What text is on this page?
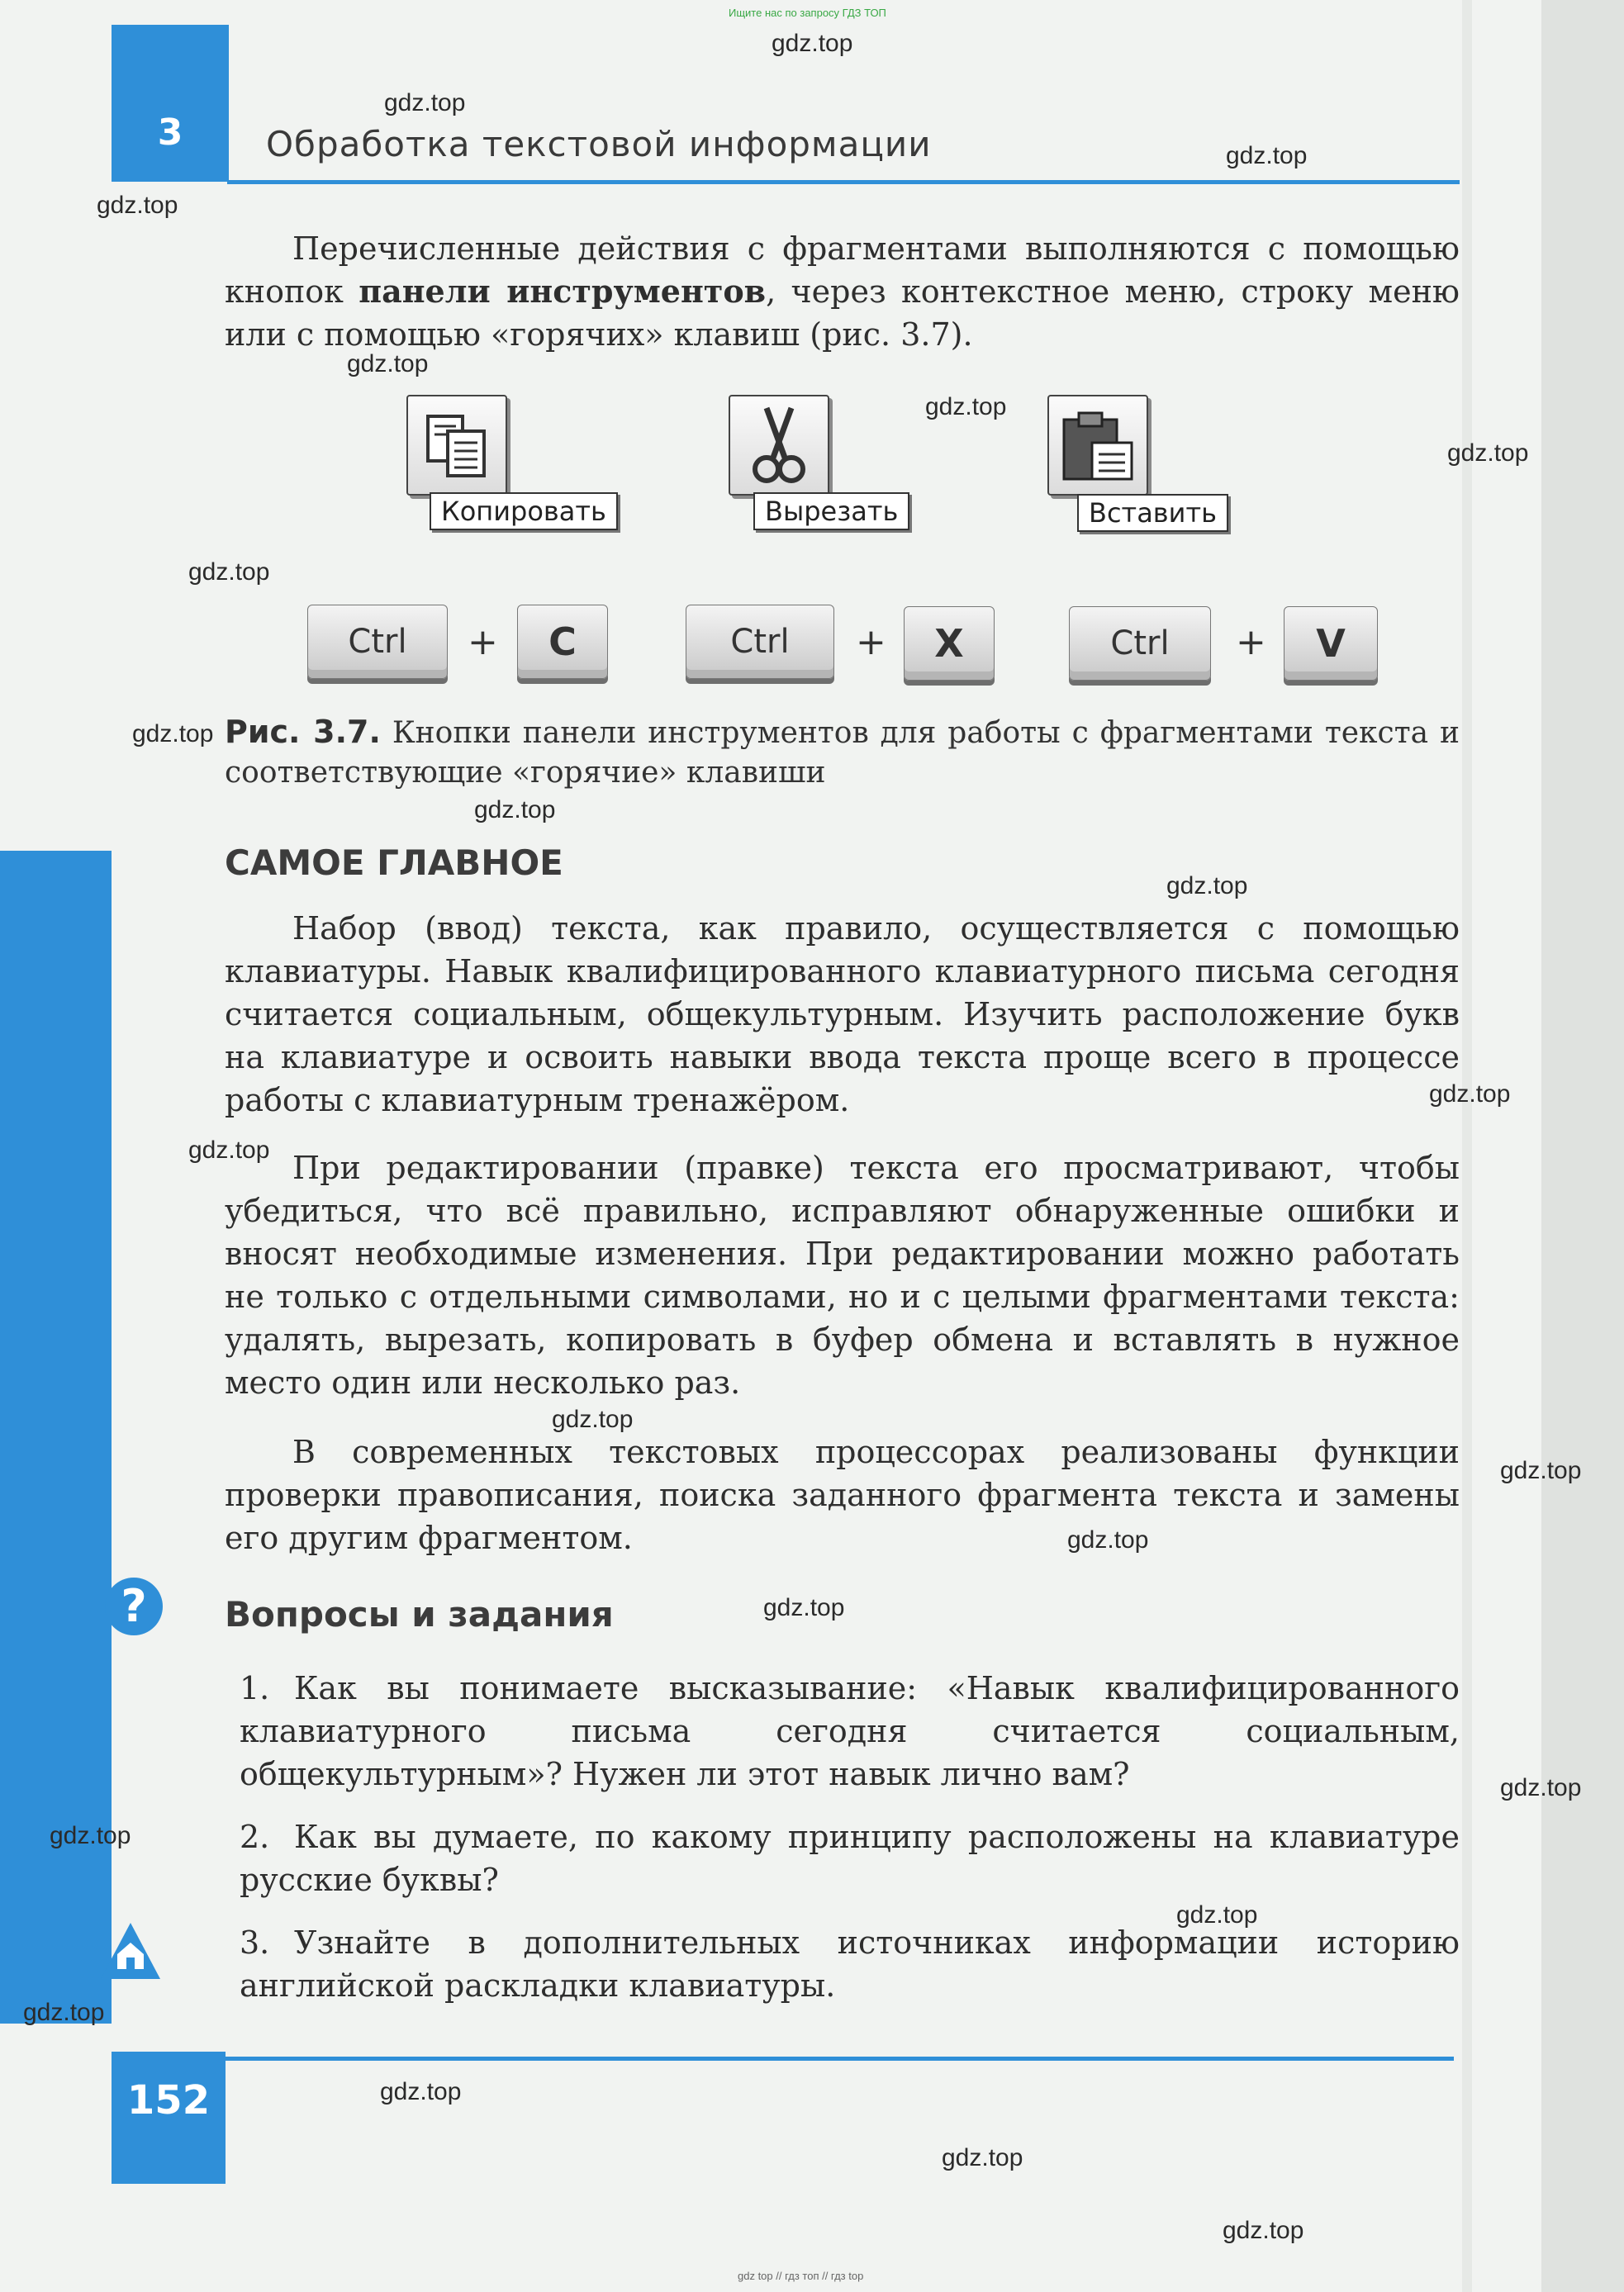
Ищите нас по запросу ГДЗ ТОП
gdz top // гдз топ // гдз top
3	Обработка текстовой информации
Перечисленные действия с фрагментами выполняются с помощью кнопок панели инструментов, через контекстное меню, строку меню или с помощью «горячих» клавиш (рис. 3.7).
Копировать	Вырезать	Вставить
Ctrl	+	C	Ctrl	+	X	Ctrl	+	V
Рис. 3.7. Кнопки панели инструментов для работы с фрагментами текста и соответствующие «горячие» клавиши
САМОЕ ГЛАВНОЕ
Набор (ввод) текста, как правило, осуществляется с помощью клавиатуры. Навык квалифицированного клавиатурного письма сегодня считается социальным, общекультурным. Изучить расположение букв на клавиатуре и освоить навыки ввода текста проще всего в процессе работы с клавиатурным тренажёром.
При редактировании (правке) текста его просматривают, чтобы убедиться, что всё правильно, исправляют обнаруженные ошибки и вносят необходимые изменения. При редактировании можно работать не только с отдельными символами, но и с целыми фрагментами текста: удалять, вырезать, копировать в буфер обмена и вставлять в нужное место один или несколько раз.
В современных текстовых процессорах реализованы функции проверки правописания, поиска заданного фрагмента текста и замены его другим фрагментом.
?	Вопросы и задания
1. Как вы понимаете высказывание: «Навык квалифицированного клавиатурного письма сегодня считается социальным, общекультурным»? Нужен ли этот навык лично вам?
2. Как вы думаете, по какому принципу расположены на клавиатуре русские буквы?
3. Узнайте в дополнительных источниках информации историю английской раскладки клавиатуры.
152
gdz.top
gdz.top
gdz.top
gdz.top
gdz.top
gdz.top
gdz.top
gdz.top
gdz.top
gdz.top
gdz.top
gdz.top
gdz.top
gdz.top
gdz.top
gdz.top
gdz.top
gdz.top
gdz.top
gdz.top
gdz.top
gdz.top
gdz.top
gdz.top
